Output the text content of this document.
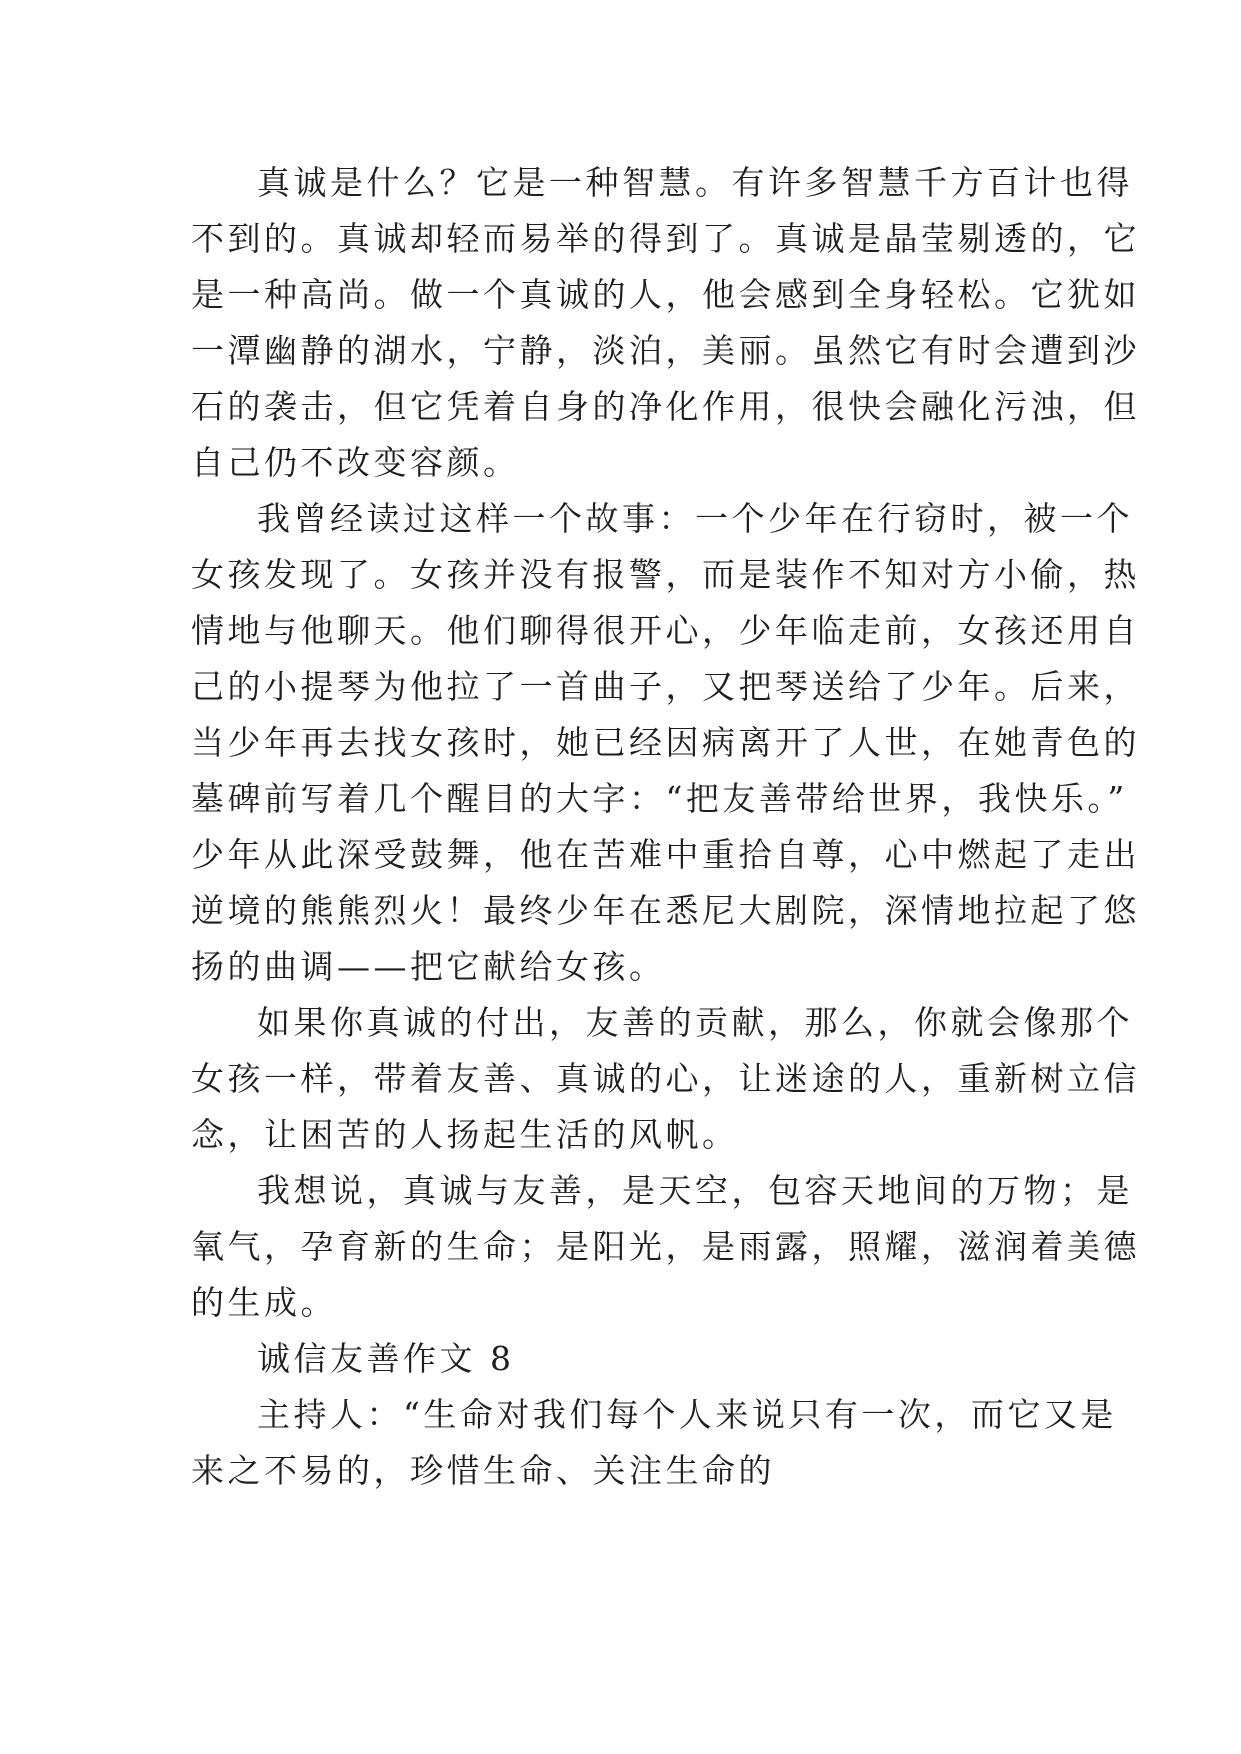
真诚是什么？它是一种智慧。有许多智慧千方百计也得
不到的。真诚却轻而易举的得到了。真诚是晶莹剔透的，它
是一种高尚。做一个真诚的人，他会感到全身轻松。它犹如
一潭幽静的湖水，宁静，淡泊，美丽。虽然它有时会遭到沙
石的袭击，但它凭着自身的净化作用，很快会融化污浊，但
自己仍不改变容颜。
我曾经读过这样一个故事：一个少年在行窃时，被一个
女孩发现了。女孩并没有报警，而是装作不知对方小偷，热
情地与他聊天。他们聊得很开心，少年临走前，女孩还用自
己的小提琴为他拉了一首曲子，又把琴送给了少年。后来，
当少年再去找女孩时，她已经因病离开了人世，在她青色的
墓碑前写着几个醒目的大字：“把友善带给世界，我快乐。”
少年从此深受鼓舞，他在苦难中重拾自尊，心中燃起了走出
逆境的熊熊烈火！最终少年在悉尼大剧院，深情地拉起了悠
扬的曲调——把它献给女孩。
如果你真诚的付出，友善的贡献，那么，你就会像那个
女孩一样，带着友善、真诚的心，让迷途的人，重新树立信
念，让困苦的人扬起生活的风帆。
我想说，真诚与友善，是天空，包容天地间的万物；是
氧气，孕育新的生命；是阳光，是雨露，照耀，滋润着美德
的生成。
诚信友善作文 8
主持人：“生命对我们每个人来说只有一次，而它又是
来之不易的，珍惜生命、关注生命的
